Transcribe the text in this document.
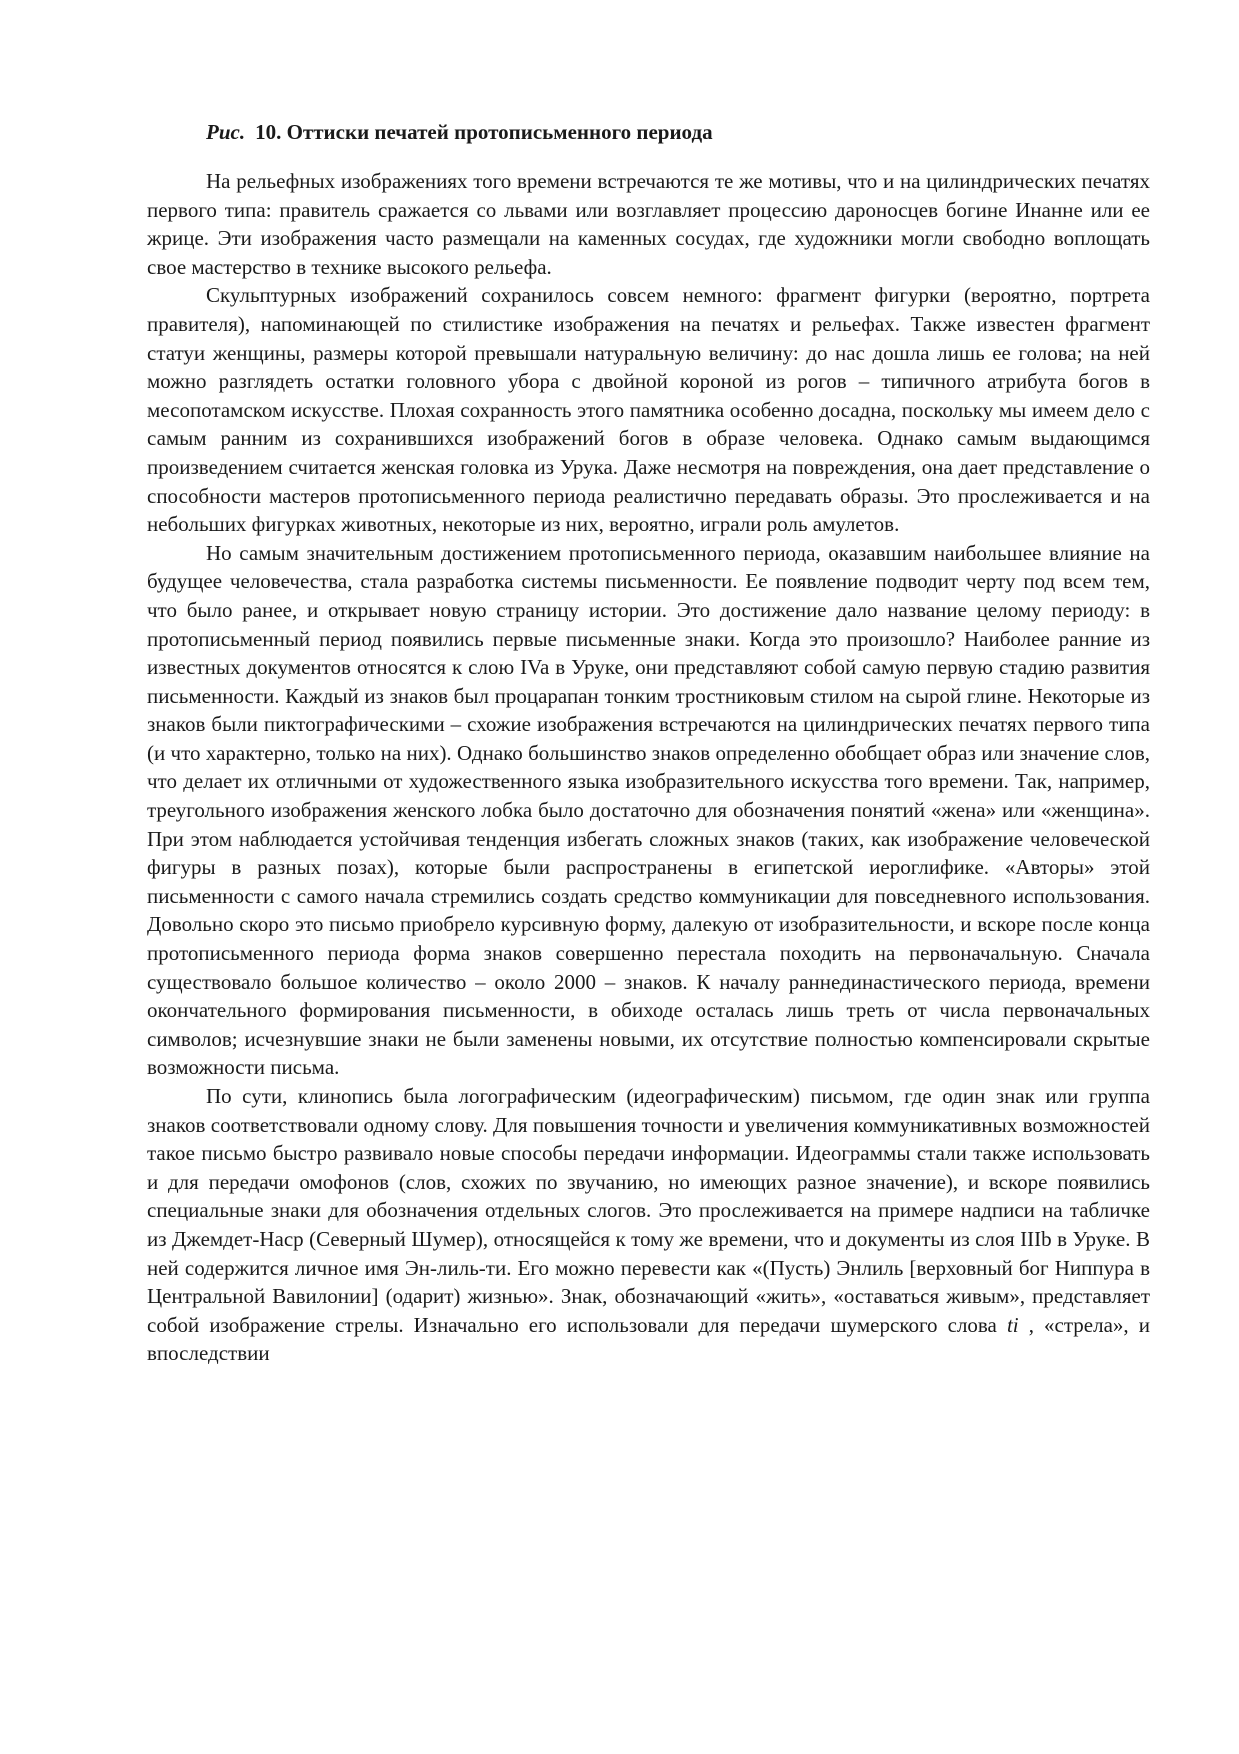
Рис. 10. Оттиски печатей протописьменного периода

На рельефных изображениях того времени встречаются те же мотивы, что и на цилиндрических печатях первого типа: правитель сражается со львами или возглавляет процессию дароносцев богине Инанне или ее жрице. Эти изображения часто размещали на каменных сосудах, где художники могли свободно воплощать свое мастерство в технике высокого рельефа.

Скульптурных изображений сохранилось совсем немного: фрагмент фигурки (вероятно, портрета правителя), напоминающей по стилистике изображения на печатях и рельефах. Также известен фрагмент статуи женщины, размеры которой превышали натуральную величину: до нас дошла лишь ее голова; на ней можно разглядеть остатки головного убора с двойной короной из рогов – типичного атрибута богов в месопотамском искусстве. Плохая сохранность этого памятника особенно досадна, поскольку мы имеем дело с самым ранним из сохранившихся изображений богов в образе человека. Однако самым выдающимся произведением считается женская головка из Урука. Даже несмотря на повреждения, она дает представление о способности мастеров протописьменного периода реалистично передавать образы. Это прослеживается и на небольших фигурках животных, некоторые из них, вероятно, играли роль амулетов.

Но самым значительным достижением протописьменного периода, оказавшим наибольшее влияние на будущее человечества, стала разработка системы письменности. Ее появление подводит черту под всем тем, что было ранее, и открывает новую страницу истории. Это достижение дало название целому периоду: в протописьменный период появились первые письменные знаки. Когда это произошло? Наиболее ранние из известных документов относятся к слою IVa в Уруке, они представляют собой самую первую стадию развития письменности. Каждый из знаков был процарапан тонким тростниковым стилом на сырой глине. Некоторые из знаков были пиктографическими – схожие изображения встречаются на цилиндрических печатях первого типа (и что характерно, только на них). Однако большинство знаков определенно обобщает образ или значение слов, что делает их отличными от художественного языка изобразительного искусства того времени. Так, например, треугольного изображения женского лобка было достаточно для обозначения понятий «жена» или «женщина». При этом наблюдается устойчивая тенденция избегать сложных знаков (таких, как изображение человеческой фигуры в разных позах), которые были распространены в египетской иероглифике. «Авторы» этой письменности с самого начала стремились создать средство коммуникации для повседневного использования. Довольно скоро это письмо приобрело курсивную форму, далекую от изобразительности, и вскоре после конца протописьменного периода форма знаков совершенно перестала походить на первоначальную. Сначала существовало большое количество – около 2000 – знаков. К началу раннединастического периода, времени окончательного формирования письменности, в обиходе осталась лишь треть от числа первоначальных символов; исчезнувшие знаки не были заменены новыми, их отсутствие полностью компенсировали скрытые возможности письма.

По сути, клинопись была логографическим (идеографическим) письмом, где один знак или группа знаков соответствовали одному слову. Для повышения точности и увеличения коммуникативных возможностей такое письмо быстро развивало новые способы передачи информации. Идеограммы стали также использовать и для передачи омофонов (слов, схожих по звучанию, но имеющих разное значение), и вскоре появились специальные знаки для обозначения отдельных слогов. Это прослеживается на примере надписи на табличке из Джемдет-Наср (Северный Шумер), относящейся к тому же времени, что и документы из слоя IIIb в Уруке. В ней содержится личное имя Эн-лиль-ти. Его можно перевести как «(Пусть) Энлиль [верховный бог Ниппура в Центральной Вавилонии] (одарит) жизнью». Знак, обозначающий «жить», «оставаться живым», представляет собой изображение стрелы. Изначально его использовали для передачи шумерского слова ti , «стрела», и впоследствии
